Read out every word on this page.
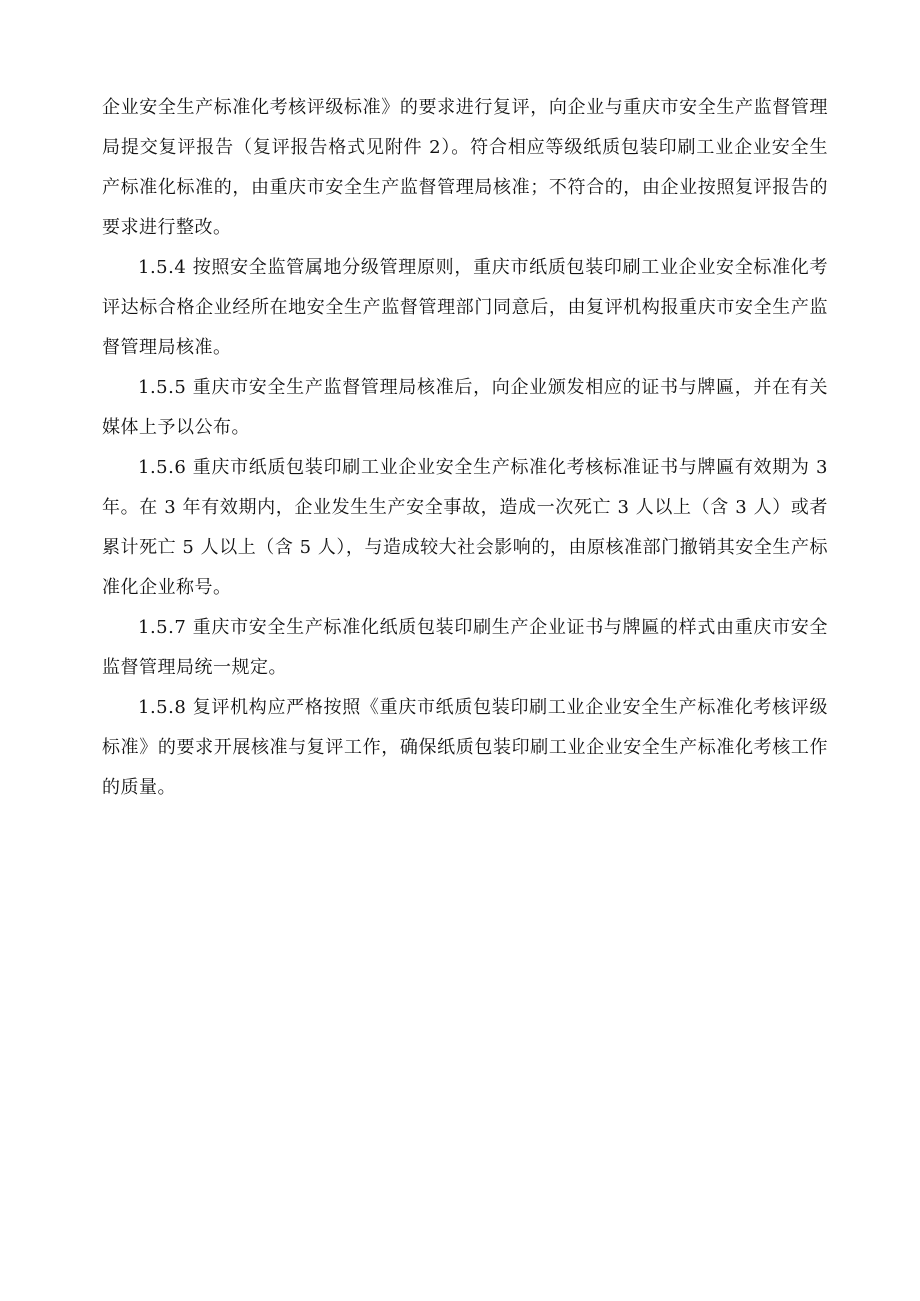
企业安全生产标准化考核评级标准》的要求进行复评，向企业与重庆市安全生产监督管理局提交复评报告（复评报告格式见附件 2）。符合相应等级纸质包装印刷工业企业安全生产标准化标准的，由重庆市安全生产监督管理局核准；不符合的，由企业按照复评报告的要求进行整改。

1.5.4 按照安全监管属地分级管理原则，重庆市纸质包装印刷工业企业安全标准化考评达标合格企业经所在地安全生产监督管理部门同意后，由复评机构报重庆市安全生产监督管理局核准。

1.5.5 重庆市安全生产监督管理局核准后，向企业颁发相应的证书与牌匾，并在有关媒体上予以公布。

1.5.6 重庆市纸质包装印刷工业企业安全生产标准化考核标准证书与牌匾有效期为 3 年。在 3 年有效期内，企业发生生产安全事故，造成一次死亡 3 人以上（含 3 人）或者累计死亡 5 人以上（含 5 人），与造成较大社会影响的，由原核准部门撤销其安全生产标准化企业称号。

1.5.7 重庆市安全生产标准化纸质包装印刷生产企业证书与牌匾的样式由重庆市安全监督管理局统一规定。

1.5.8 复评机构应严格按照《重庆市纸质包装印刷工业企业安全生产标准化考核评级标准》的要求开展核准与复评工作，确保纸质包装印刷工业企业安全生产标准化考核工作的质量。
